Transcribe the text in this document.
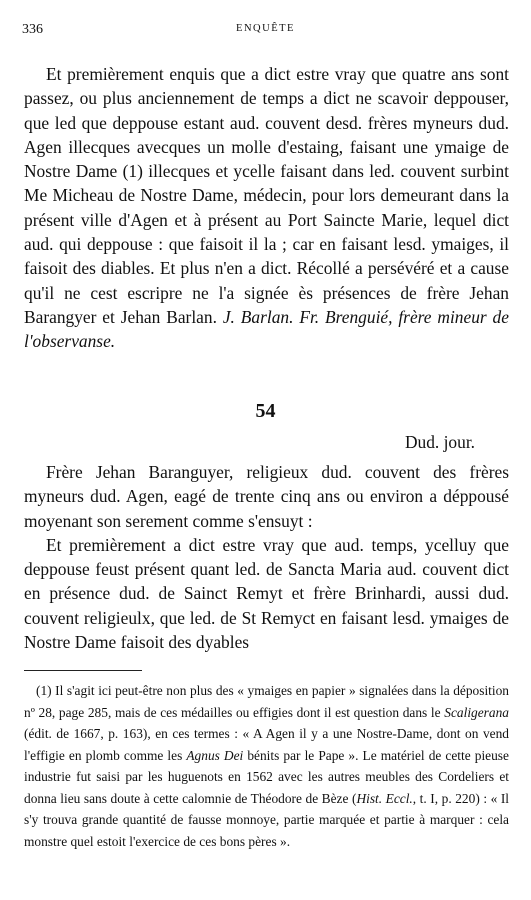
336	ENQUÊTE

Et premièrement enquis que a dict estre vray que quatre ans sont passez, ou plus anciennement de temps a dict ne scavoir deppouser, que led que deppouse estant aud. couvent desd. frères myneurs dud. Agen illecques avecques un molle d'estaing, faisant une ymaige de Nostre Dame (1) illecques et ycelle faisant dans led. couvent surbint Me Micheau de Nostre Dame, médecin, pour lors demeurant dans la présent ville d'Agen et à présent au Port Saincte Marie, lequel dict aud. qui deppouse : que faisoit il la ; car en faisant lesd. ymaiges, il faisoit des diables. Et plus n'en a dict. Récollé a persévéré et a cause qu'il ne cest escripre ne l'a signée ès présences de frère Jehan Barangyer et Jehan Barlan. J. Barlan. Fr. Brenguié, frère mineur de l'observanse.

54
Dud. jour.

Frère Jehan Baranguyer, religieux dud. couvent des frères myneurs dud. Agen, eagé de trente cinq ans ou environ a déppousé moyenant son serement comme s'ensuyt :

Et premièrement a dict estre vray que aud. temps, ycelluy que deppouse feust présent quant led. de Sancta Maria aud. couvent dict en présence dud. de Sainct Remyt et frère Brinhardi, aussi dud. couvent religieulx, que led. de St Remyct en faisant lesd. ymaiges de Nostre Dame faisoit des dyables

(1) Il s'agit ici peut-être non plus des « ymaiges en papier » signalées dans la déposition nº 28, page 285, mais de ces médailles ou effigies dont il est question dans le Scaligerana (édit. de 1667, p. 163), en ces termes : « A Agen il y a une Nostre-Dame, dont on vend l'effigie en plomb comme les Agnus Dei bénits par le Pape ». Le matériel de cette pieuse industrie fut saisi par les huguenots en 1562 avec les autres meubles des Cordeliers et donna lieu sans doute à cette calomnie de Théodore de Bèze (Hist. Eccl., t. I, p. 220) : « Il s'y trouva grande quantité de fausse monnoye, partie marquée et partie à marquer : cela monstre quel estoit l'exercice de ces bons pères ».
